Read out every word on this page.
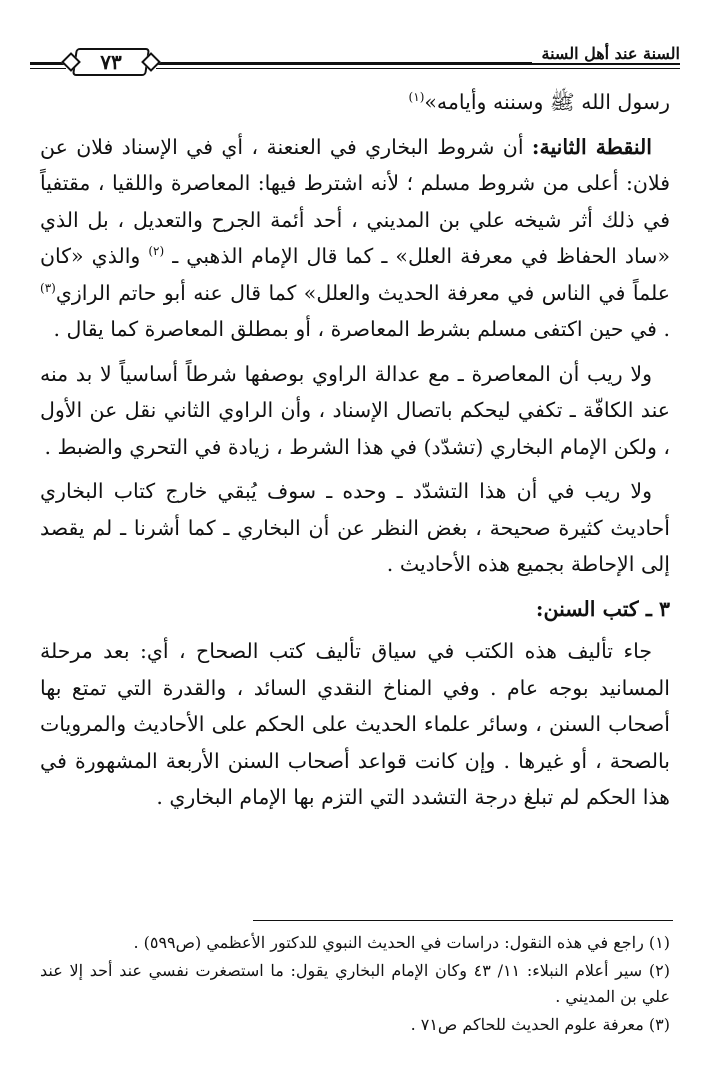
٧٣	السنة عند أهل السنة

رسول الله ﷺ وسننه وأيامه»$^{(١)}$

النقطة الثانية: أن شروط البخاري في العنعنة ، أي في الإسناد فلان عن فلان: أعلى من شروط مسلم ؛ لأنه اشترط فيها: المعاصرة واللقيا ، مقتفياً في ذلك أثر شيخه علي بن المديني ، أحد أئمة الجرح والتعديل ، بل الذي «ساد الحفاظ في معرفة العلل» ـ كما قال الإمام الذهبي ـ $^{(٢)}$ والذي «كان علماً في الناس في معرفة الحديث والعلل» كما قال عنه أبو حاتم الرازي$^{(٣)}$ . في حين اكتفى مسلم بشرط المعاصرة ، أو بمطلق المعاصرة كما يقال .

ولا ريب أن المعاصرة ـ مع عدالة الراوي بوصفها شرطاً أساسياً لا بد منه عند الكافّة ـ تكفي ليحكم باتصال الإسناد ، وأن الراوي الثاني نقل عن الأول ، ولكن الإمام البخاري (تشدّد) في هذا الشرط ، زيادة في التحري والضبط .

ولا ريب في أن هذا التشدّد ـ وحده ـ سوف يُبقي خارج كتاب البخاري أحاديث كثيرة صحيحة ، بغض النظر عن أن البخاري ـ كما أشرنا ـ لم يقصد إلى الإحاطة بجميع هذه الأحاديث .

٣ ـ كتب السنن:

جاء تأليف هذه الكتب في سياق تأليف كتب الصحاح ، أي: بعد مرحلة المسانيد بوجه عام . وفي المناخ النقدي السائد ، والقدرة التي تمتع بها أصحاب السنن ، وسائر علماء الحديث على الحكم على الأحاديث والمرويات بالصحة ، أو غيرها . وإن كانت قواعد أصحاب السنن الأربعة المشهورة في هذا الحكم لم تبلغ درجة التشدد التي التزم بها الإمام البخاري .

(١) راجع في هذه النقول: دراسات في الحديث النبوي للدكتور الأعظمي (ص٥٩٩) .
(٢) سير أعلام النبلاء: ١١/ ٤٣ وكان الإمام البخاري يقول: ما استصغرت نفسي عند أحد إلا عند علي بن المديني .
(٣) معرفة علوم الحديث للحاكم ص٧١ .
